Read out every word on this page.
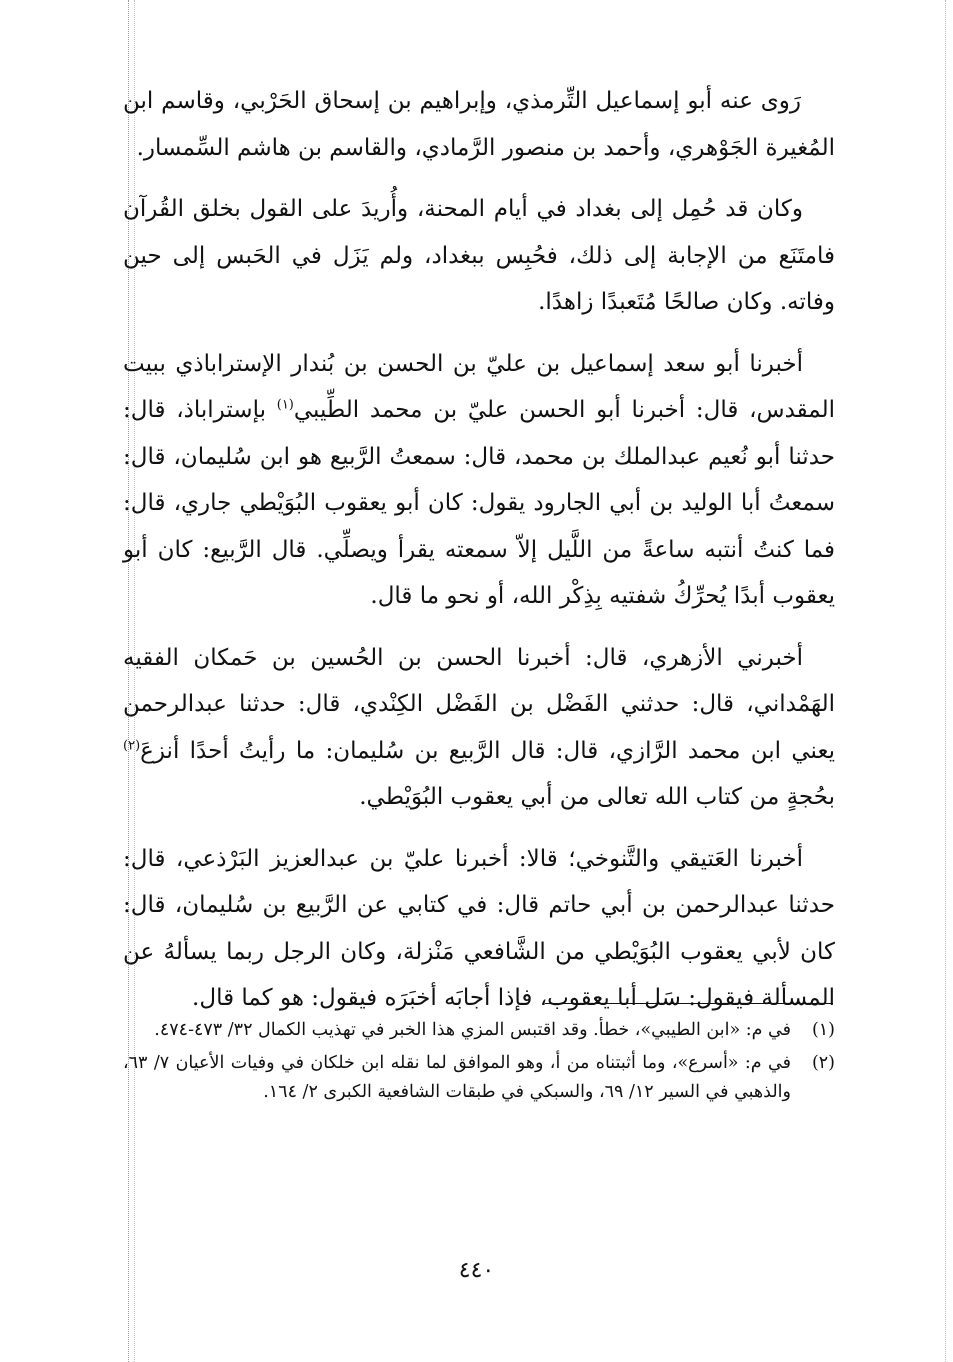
رَوى عنه أبو إسماعيل التِّرمذي، وإبراهيم بن إسحاق الحَرْبي، وقاسم ابن المُغيرة الجَوْهري، وأحمد بن منصور الرَّمادي، والقاسم بن هاشم السِّمسار.

وكان قد حُمِل إلى بغداد في أيام المحنة، وأُريدَ على القول بخلق القُرآن فامتَنَع من الإجابة إلى ذلك، فحُبِس ببغداد، ولم يَزَل في الحَبس إلى حين وفاته. وكان صالحًا مُتَعبدًا زاهدًا.

أخبرنا أبو سعد إسماعيل بن عليّ بن الحسن بن بُندار الإستراباذي ببيت المقدس، قال: أخبرنا أبو الحسن عليّ بن محمد الطِّيبي$^{(١)}$ بإستراباذ، قال: حدثنا أبو نُعيم عبدالملك بن محمد، قال: سمعتُ الرَّبيع هو ابن سُليمان، قال: سمعتُ أبا الوليد بن أبي الجارود يقول: كان أبو يعقوب البُوَيْطي جاري، قال: فما كنتُ أنتبه ساعةً من اللَّيل إلاّ سمعته يقرأ ويصلِّي. قال الرَّبيع: كان أبو يعقوب أبدًا يُحرِّكُ شفتيه بِذِكْر الله، أو نحو ما قال.

أخبرني الأزهري، قال: أخبرنا الحسن بن الحُسين بن حَمكان الفقيه الهَمْداني، قال: حدثني الفَضْل بن الفَضْل الكِنْدي، قال: حدثنا عبدالرحمن يعني ابن محمد الرَّازي، قال: قال الرَّبيع بن سُليمان: ما رأيتُ أحدًا أنزعَ$^{(٢)}$ بحُجةٍ من كتاب الله تعالى من أبي يعقوب البُوَيْطي.

أخبرنا العَتيقي والتَّنوخي؛ قالا: أخبرنا عليّ بن عبدالعزيز البَرْذعي، قال: حدثنا عبدالرحمن بن أبي حاتم قال: في كتابي عن الرَّبيع بن سُليمان، قال: كان لأبي يعقوب البُوَيْطي من الشَّافعي مَنْزلة، وكان الرجل ربما يسألهُ عن المسألة فيقول: سَل أبا يعقوب، فإذا أجابَه أخبَرَه فيقول: هو كما قال.

(١)
في م: «ابن الطيبي»، خطأ. وقد اقتبس المزي هذا الخبر في تهذيب الكمال ٣٢/ ٤٧٣-٤٧٤.
(٢)
في م: «أسرع»، وما أثبتناه من أ، وهو الموافق لما نقله ابن خلكان في وفيات الأعيان ٧/ ٦٣، والذهبي في السير ١٢/ ٦٩، والسبكي في طبقات الشافعية الكبرى ٢/ ١٦٤.
٤٤٠
